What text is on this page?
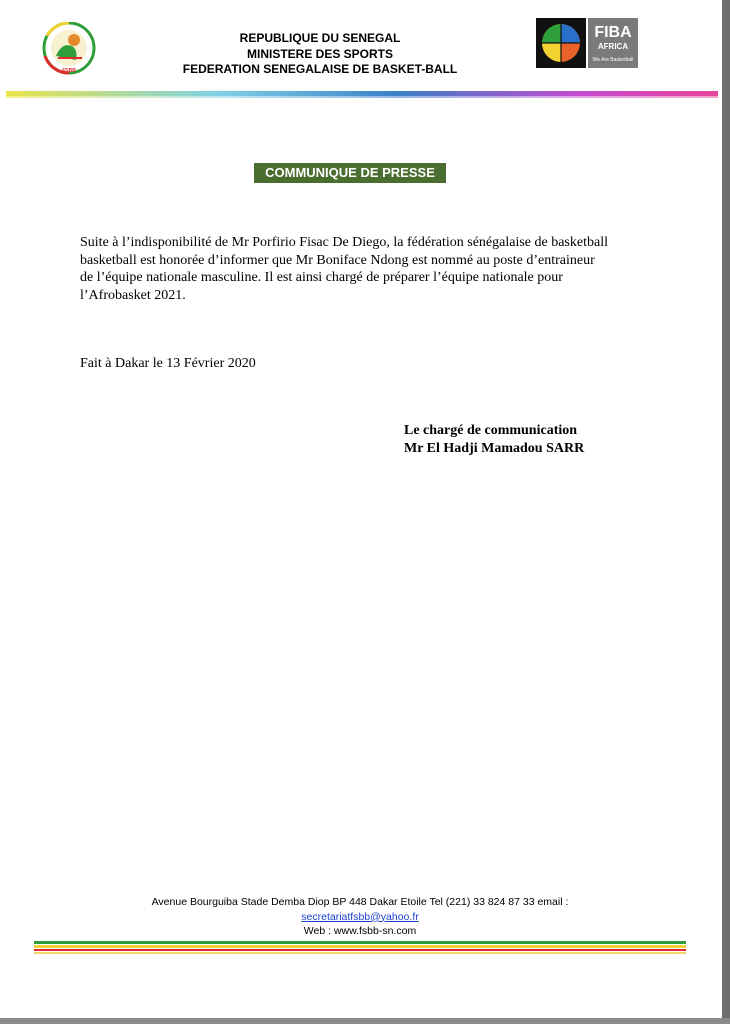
FSBB
REPUBLIQUE DU SENEGAL
MINISTERE DES SPORTS
FEDERATION SENEGALAISE DE BASKET-BALL
FIBA
AFRICA
We Are Basketball
COMMUNIQUE DE PRESSE
Suite à l’indisponibilité de Mr Porfirio Fisac De Diego, la fédération sénégalaise de basketball
basketball est honorée d’informer que Mr Boniface Ndong est nommé au poste d’entraineur
de l’équipe nationale masculine. Il est ainsi chargé de préparer l’équipe nationale pour
l’Afrobasket 2021.
Fait à Dakar le 13 Février 2020
Le chargé de communication
Mr El Hadji Mamadou SARR
Avenue Bourguiba Stade Demba Diop BP 448 Dakar Etoile Tel (221) 33 824 87 33 email :
secretariatfsbb@yahoo.fr
Web : www.fsbb-sn.com
